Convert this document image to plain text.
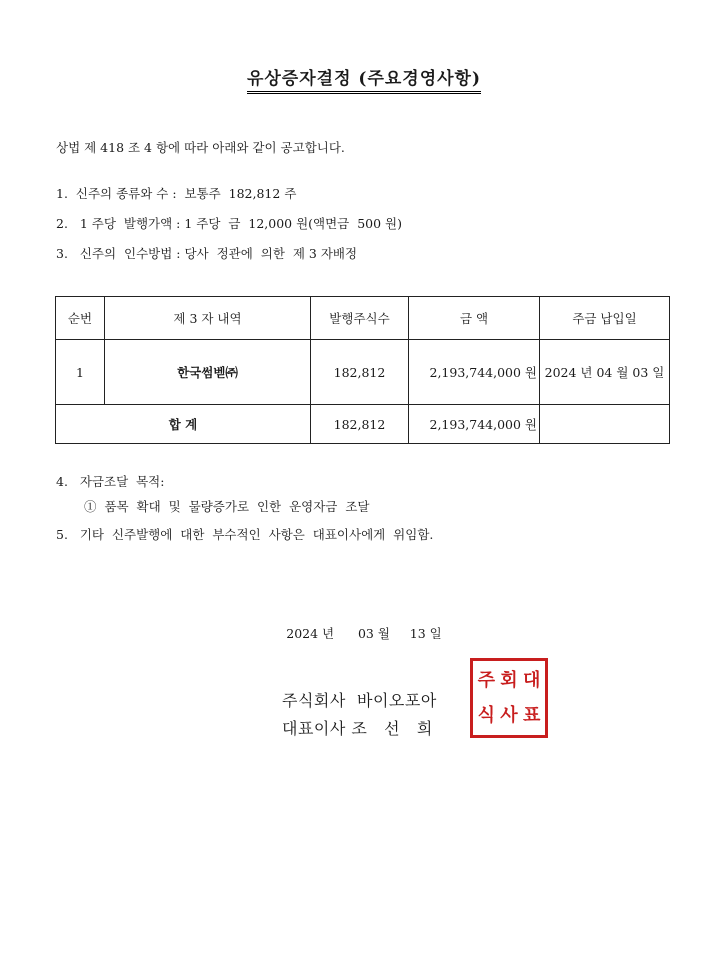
유상증자결정 (주요경영사항)
상법 제 418 조 4 항에 따라 아래와 같이 공고합니다.
1.  신주의 종류와 수 :  보통주  182,812 주
2.   1 주당  발행가액 : 1 주당  금  12,000 원(액면금  500 원)
3.   신주의  인수방법 : 당사  정관에  의한  제 3 자배정
순번	제 3 자 내역	발행주식수	금 액	주금 납입일
1	한국썸벧㈜	182,812	2,193,744,000 원	2024 년 04 월 03 일
합 계		182,812	2,193,744,000 원	
4.   자금조달  목적:
①  품목  확대  및  물량증가로  인한  운영자금  조달
5.   기타  신주발행에  대한  부수적인  사항은  대표이사에게  위임함.
2024 년      03 월     13 일
주식회사  바이오포아
대표이사 조   선   희
주 회 대
식 사 표
